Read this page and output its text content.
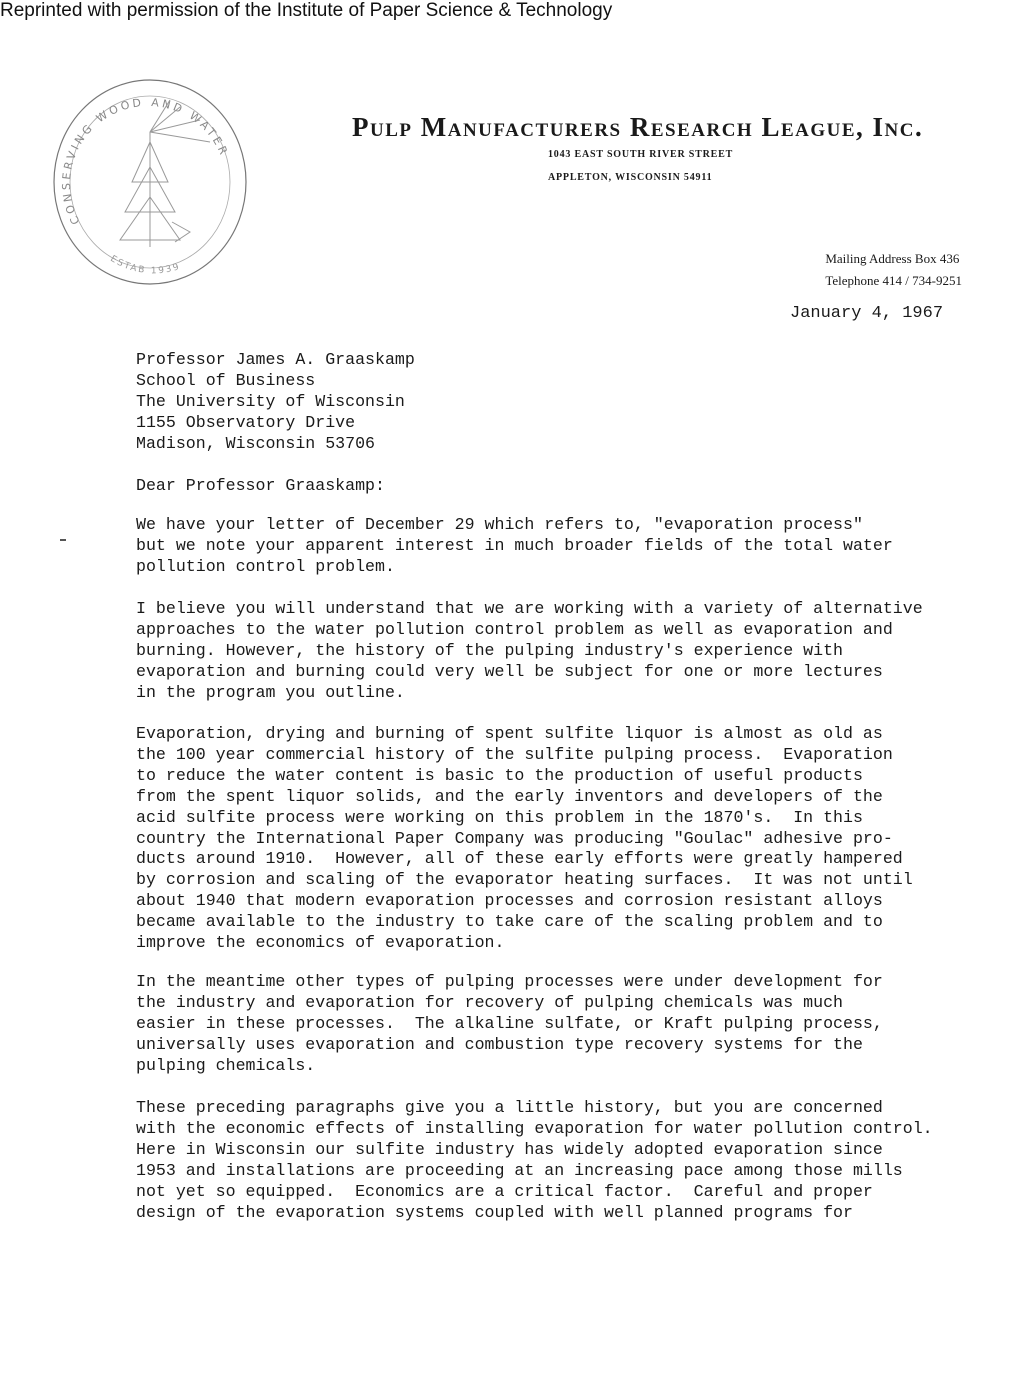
Reprinted with permission of the Institute of Paper Science & Technology
CONSERVING WOOD AND WATER
ESTAB 1939
Pulp Manufacturers Research League, Inc.
1043 EAST SOUTH RIVER STREET
APPLETON, WISCONSIN 54911
Mailing Address Box 436
Telephone 414 / 734-9251
January 4, 1967
Professor James A. Graaskamp
School of Business
The University of Wisconsin
1155 Observatory Drive
Madison, Wisconsin 53706
Dear Professor Graaskamp:
We have your letter of December 29 which refers to, "evaporation process"
but we note your apparent interest in much broader fields of the total water
pollution control problem.
I believe you will understand that we are working with a variety of alternative
approaches to the water pollution control problem as well as evaporation and
burning. However, the history of the pulping industry's experience with
evaporation and burning could very well be subject for one or more lectures
in the program you outline.
Evaporation, drying and burning of spent sulfite liquor is almost as old as
the 100 year commercial history of the sulfite pulping process.  Evaporation
to reduce the water content is basic to the production of useful products
from the spent liquor solids, and the early inventors and developers of the
acid sulfite process were working on this problem in the 1870's.  In this
country the International Paper Company was producing "Goulac" adhesive pro-
ducts around 1910.  However, all of these early efforts were greatly hampered
by corrosion and scaling of the evaporator heating surfaces.  It was not until
about 1940 that modern evaporation processes and corrosion resistant alloys
became available to the industry to take care of the scaling problem and to
improve the economics of evaporation.
In the meantime other types of pulping processes were under development for
the industry and evaporation for recovery of pulping chemicals was much
easier in these processes.  The alkaline sulfate, or Kraft pulping process,
universally uses evaporation and combustion type recovery systems for the
pulping chemicals.
These preceding paragraphs give you a little history, but you are concerned
with the economic effects of installing evaporation for water pollution control.
Here in Wisconsin our sulfite industry has widely adopted evaporation since
1953 and installations are proceeding at an increasing pace among those mills
not yet so equipped.  Economics are a critical factor.  Careful and proper
design of the evaporation systems coupled with well planned programs for
